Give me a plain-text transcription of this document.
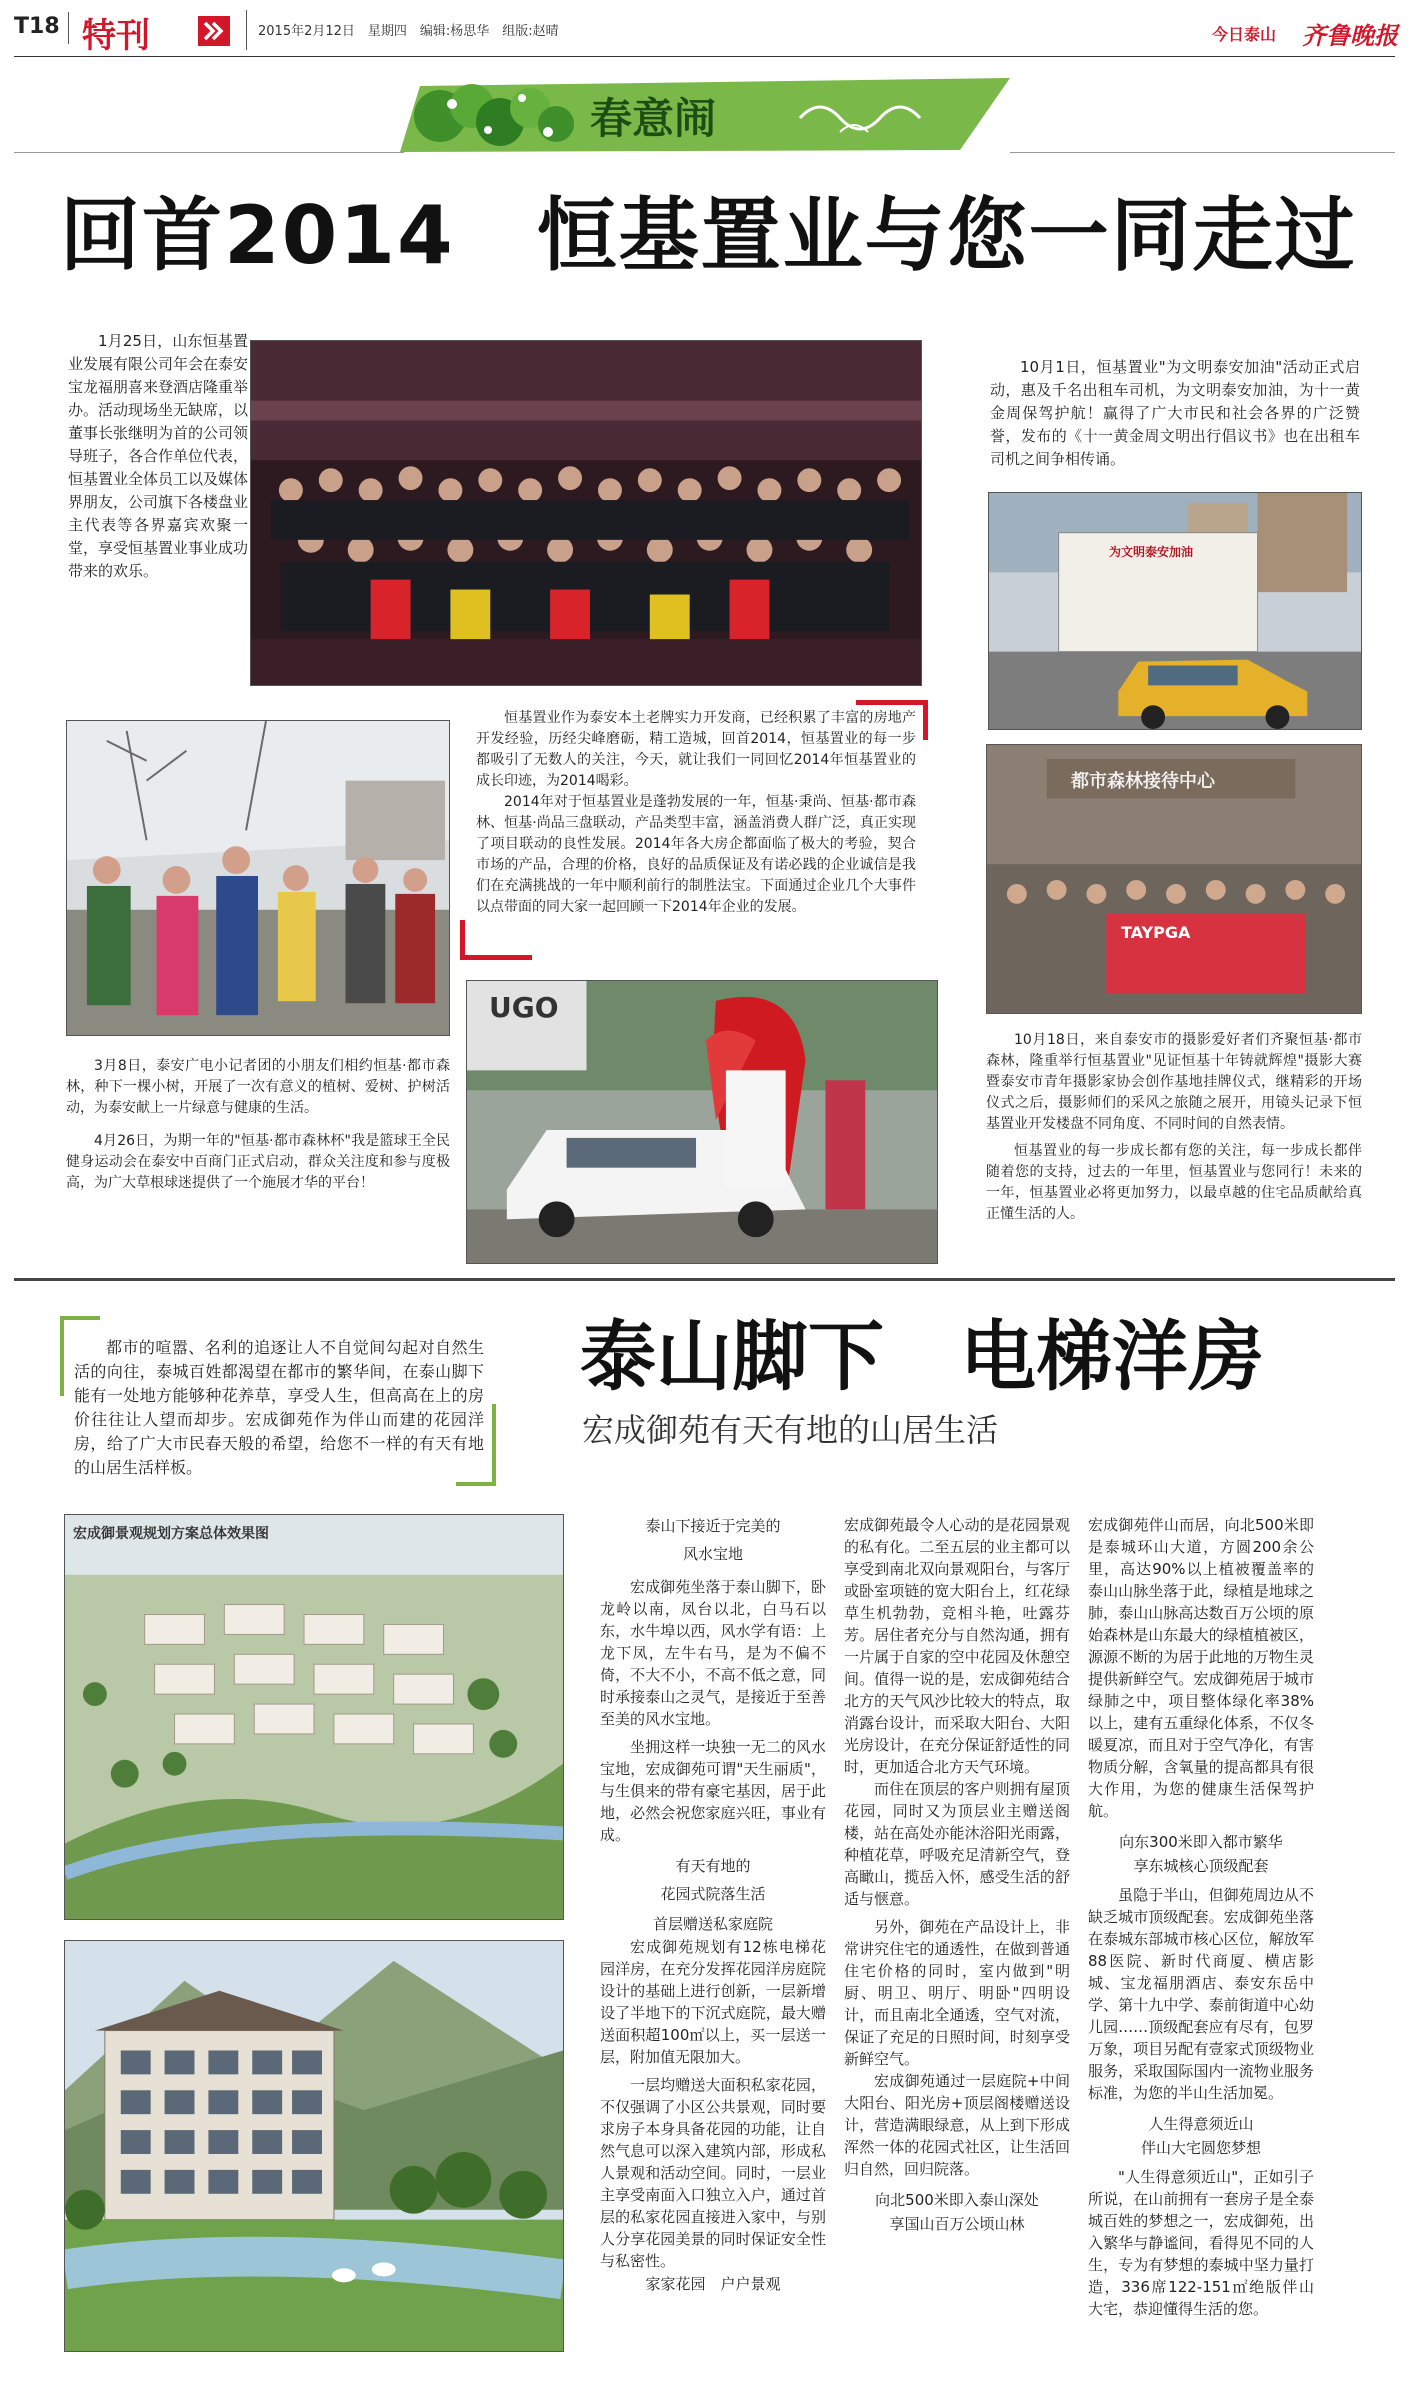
T18 特刊	2015年2月12日　星期四　编辑:杨思华　组版:赵晴	今日泰山 齐鲁晚报
春意闹
回首2014　恒基置业与您一同走过

1月25日，山东恒基置业发展有限公司年会在泰安宝龙福朋喜来登酒店隆重举办。活动现场坐无缺席，以董事长张继明为首的公司领导班子，各合作单位代表，恒基置业全体员工以及媒体界朋友，公司旗下各楼盘业主代表等各界嘉宾欢聚一堂，享受恒基置业事业成功带来的欢乐。

10月1日，恒基置业"为文明泰安加油"活动正式启动，惠及千名出租车司机，为文明泰安加油，为十一黄金周保驾护航！赢得了广大市民和社会各界的广泛赞誉，发布的《十一黄金周文明出行倡议书》也在出租车司机之间争相传诵。

为文明泰安加油

恒基置业作为泰安本土老牌实力开发商，已经积累了丰富的房地产开发经验，历经尖峰磨砺，精工造城，回首2014，恒基置业的每一步都吸引了无数人的关注，今天，就让我们一同回忆2014年恒基置业的成长印迹，为2014喝彩。

2014年对于恒基置业是蓬勃发展的一年，恒基·秉尚、恒基·都市森林、恒基·尚品三盘联动，产品类型丰富，涵盖消费人群广泛，真正实现了项目联动的良性发展。2014年各大房企都面临了极大的考验，契合市场的产品，合理的价格，良好的品质保证及有诺必践的企业诚信是我们在充满挑战的一年中顺利前行的制胜法宝。下面通过企业几个大事件以点带面的同大家一起回顾一下2014年企业的发展。

UGO
都市森林接待中心
TAYPGA

3月8日，泰安广电小记者团的小朋友们相约恒基·都市森林，种下一棵小树，开展了一次有意义的植树、爱树、护树活动，为泰安献上一片绿意与健康的生活。

4月26日，为期一年的"恒基·都市森林杯"我是篮球王全民健身运动会在泰安中百商门正式启动，群众关注度和参与度极高，为广大草根球迷提供了一个施展才华的平台！

10月18日，来自泰安市的摄影爱好者们齐聚恒基·都市森林，隆重举行恒基置业"见证恒基十年铸就辉煌"摄影大赛暨泰安市青年摄影家协会创作基地挂牌仪式，继精彩的开场仪式之后，摄影师们的采风之旅随之展开，用镜头记录下恒基置业开发楼盘不同角度、不同时间的自然表情。

恒基置业的每一步成长都有您的关注，每一步成长都伴随着您的支持，过去的一年里，恒基置业与您同行！未来的一年，恒基置业必将更加努力，以最卓越的住宅品质献给真正懂生活的人。

都市的喧嚣、名利的追逐让人不自觉间勾起对自然生活的向往，泰城百姓都渴望在都市的繁华间，在泰山脚下能有一处地方能够种花养草，享受人生，但高高在上的房价往往让人望而却步。宏成御苑作为伴山而建的花园洋房，给了广大市民春天般的希望，给您不一样的有天有地的山居生活样板。

泰山脚下　电梯洋房
宏成御苑有天有地的山居生活
宏成御景观规划方案总体效果图	泰山下接近于完美的
风水宝地

宏成御苑坐落于泰山脚下，卧龙岭以南，凤台以北，白马石以东，水牛埠以西，风水学有语：上龙下凤，左牛右马，是为不偏不倚，不大不小，不高不低之意，同时承接泰山之灵气，是接近于至善至美的风水宝地。

坐拥这样一块独一无二的风水宝地，宏成御苑可谓"天生丽质"，与生俱来的带有豪宅基因，居于此地，必然会祝您家庭兴旺，事业有成。

有天有地的
花园式院落生活
首层赠送私家庭院

宏成御苑规划有12栋电梯花园洋房，在充分发挥花园洋房庭院设计的基础上进行创新，一层新增设了半地下的下沉式庭院，最大赠送面积超100㎡以上，买一层送一层，附加值无限加大。

一层均赠送大面积私家花园，不仅强调了小区公共景观，同时要求房子本身具备花园的功能，让自然气息可以深入建筑内部，形成私人景观和活动空间。同时，一层业主享受南面入口独立入户，通过首层的私家花园直接进入家中，与别人分享花园美景的同时保证安全性与私密性。

家家花园　户户景观

宏成御苑最令人心动的是花园景观的私有化。二至五层的业主都可以享受到南北双向景观阳台，与客厅或卧室项链的宽大阳台上，红花绿草生机勃勃，竞相斗艳，吐露芬芳。居住者充分与自然沟通，拥有一片属于自家的空中花园及休憩空间。值得一说的是，宏成御苑结合北方的天气风沙比较大的特点，取消露台设计，而采取大阳台、大阳光房设计，在充分保证舒适性的同时，更加适合北方天气环境。

而住在顶层的客户则拥有屋顶花园，同时又为顶层业主赠送阁楼，站在高处亦能沐浴阳光雨露，种植花草，呼吸充足清新空气，登高瞰山，揽岳入怀，感受生活的舒适与惬意。

另外，御苑在产品设计上，非常讲究住宅的通透性，在做到普通住宅价格的同时，室内做到"明厨、明卫、明厅、明卧"四明设计，而且南北全通透，空气对流，保证了充足的日照时间，时刻享受新鲜空气。

宏成御苑通过一层庭院+中间大阳台、阳光房+顶层阁楼赠送设计，营造满眼绿意，从上到下形成浑然一体的花园式社区，让生活回归自然，回归院落。

向北500米即入泰山深处
享国山百万公顷山林

宏成御苑伴山而居，向北500米即是泰城环山大道，方圆200余公里，高达90%以上植被覆盖率的泰山山脉坐落于此，绿植是地球之肺，泰山山脉高达数百万公顷的原始森林是山东最大的绿植植被区，源源不断的为居于此地的万物生灵提供新鲜空气。宏成御苑居于城市绿肺之中，项目整体绿化率38%以上，建有五重绿化体系，不仅冬暖夏凉，而且对于空气净化，有害物质分解，含氧量的提高都具有很大作用，为您的健康生活保驾护航。

向东300米即入都市繁华
享东城核心顶级配套

虽隐于半山，但御苑周边从不缺乏城市顶级配套。宏成御苑坐落在泰城东部城市核心区位，解放军88医院、新时代商厦、横店影城、宝龙福朋酒店、泰安东岳中学、第十九中学、泰前街道中心幼儿园……顶级配套应有尽有，包罗万象，项目另配有壹家式顶级物业服务，采取国际国内一流物业服务标准，为您的半山生活加冕。

人生得意须近山
伴山大宅圆您梦想

"人生得意须近山"，正如引子所说，在山前拥有一套房子是全泰城百姓的梦想之一，宏成御苑，出入繁华与静谧间，看得见不同的人生，专为有梦想的泰城中坚力量打造，336席122-151㎡绝版伴山大宅，恭迎懂得生活的您。
